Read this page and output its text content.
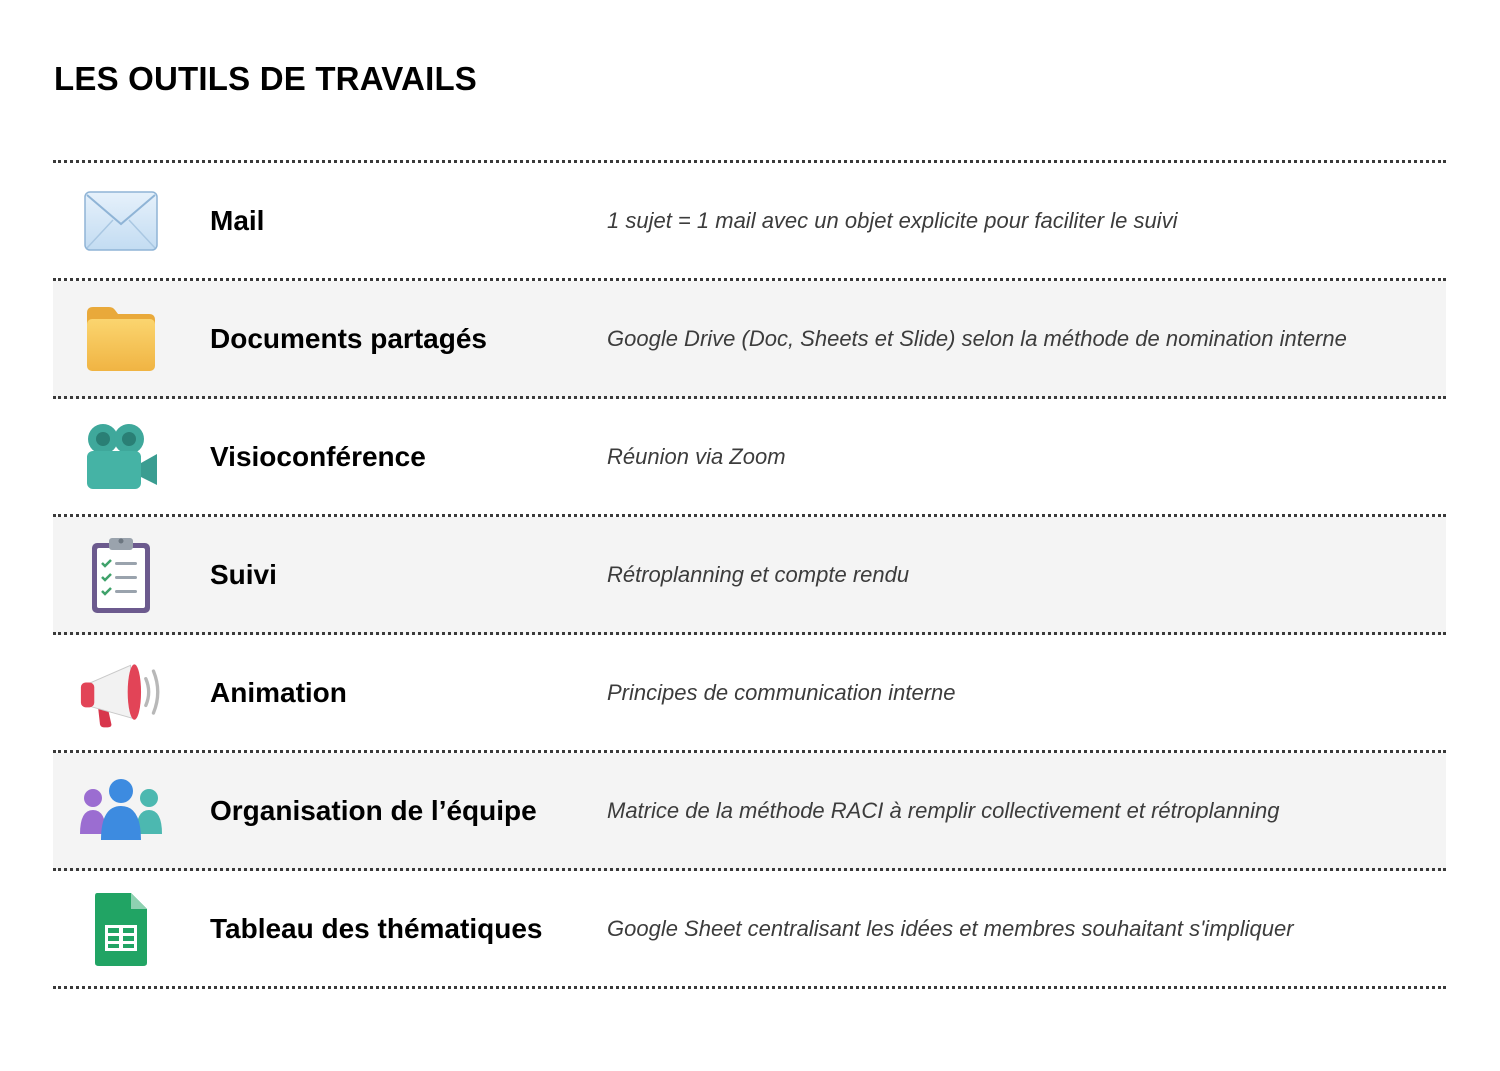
LES OUTILS DE TRAVAILS
Mail	1 sujet = 1 mail avec un objet explicite pour faciliter le suivi
Documents partagés	Google Drive (Doc, Sheets et Slide) selon la méthode de nomination interne
Visioconférence	Réunion via Zoom
Suivi	Rétroplanning et compte rendu
Animation	Principes de communication interne
Organisation de l’équipe	Matrice de la méthode RACI à remplir collectivement et rétroplanning
Tableau des thématiques	Google Sheet centralisant les idées et membres souhaitant s'impliquer
